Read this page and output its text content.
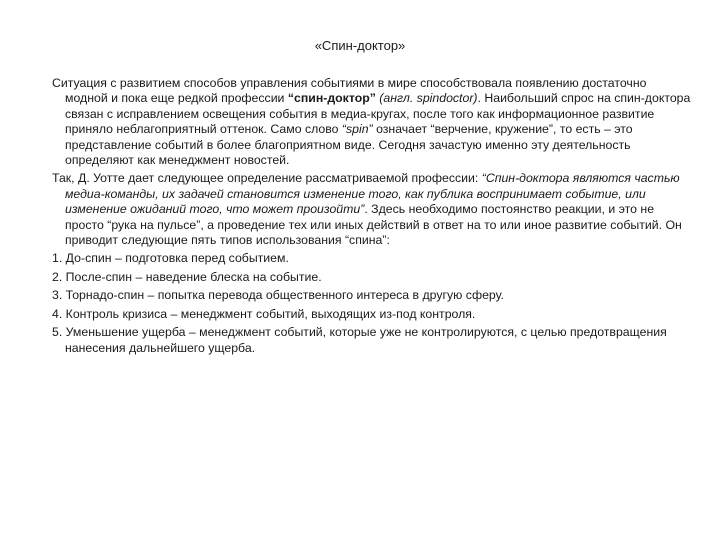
«Спин-доктор»

Ситуация с развитием способов управления событиями в мире способствовала появлению достаточно модной и пока еще редкой профессии “спин-доктор” (англ. spindoctor). Наибольший спрос на спин-доктора связан с исправлением освещения события в медиа-кругах, после того как информационное развитие приняло неблагоприятный оттенок. Само слово “spin” означает “верчение, кружение”, то есть – это представление событий в более благоприятном виде. Сегодня зачастую именно эту деятельность определяют как менеджмент новостей.

Так, Д. Уотте дает следующее определение рассматриваемой профессии: “Спин-доктора являются частью медиа-команды, их задачей становится изменение того, как публика воспринимает событие, или изменение ожиданий того, что может произойти”. Здесь необходимо постоянство реакции, и это не просто “рука на пульсе”, а проведение тех или иных действий в ответ на то или иное развитие событий. Он приводит следующие пять типов использования “спина”:

1. До-спин – подготовка перед событием.

2. После-спин – наведение блеска на событие.

3. Торнадо-спин – попытка перевода общественного интереса в другую сферу.

4. Контроль кризиса – менеджмент событий, выходящих из-под контроля.

5. Уменьшение ущерба – менеджмент событий, которые уже не контролируются, с целью предотвращения нанесения дальнейшего ущерба.
